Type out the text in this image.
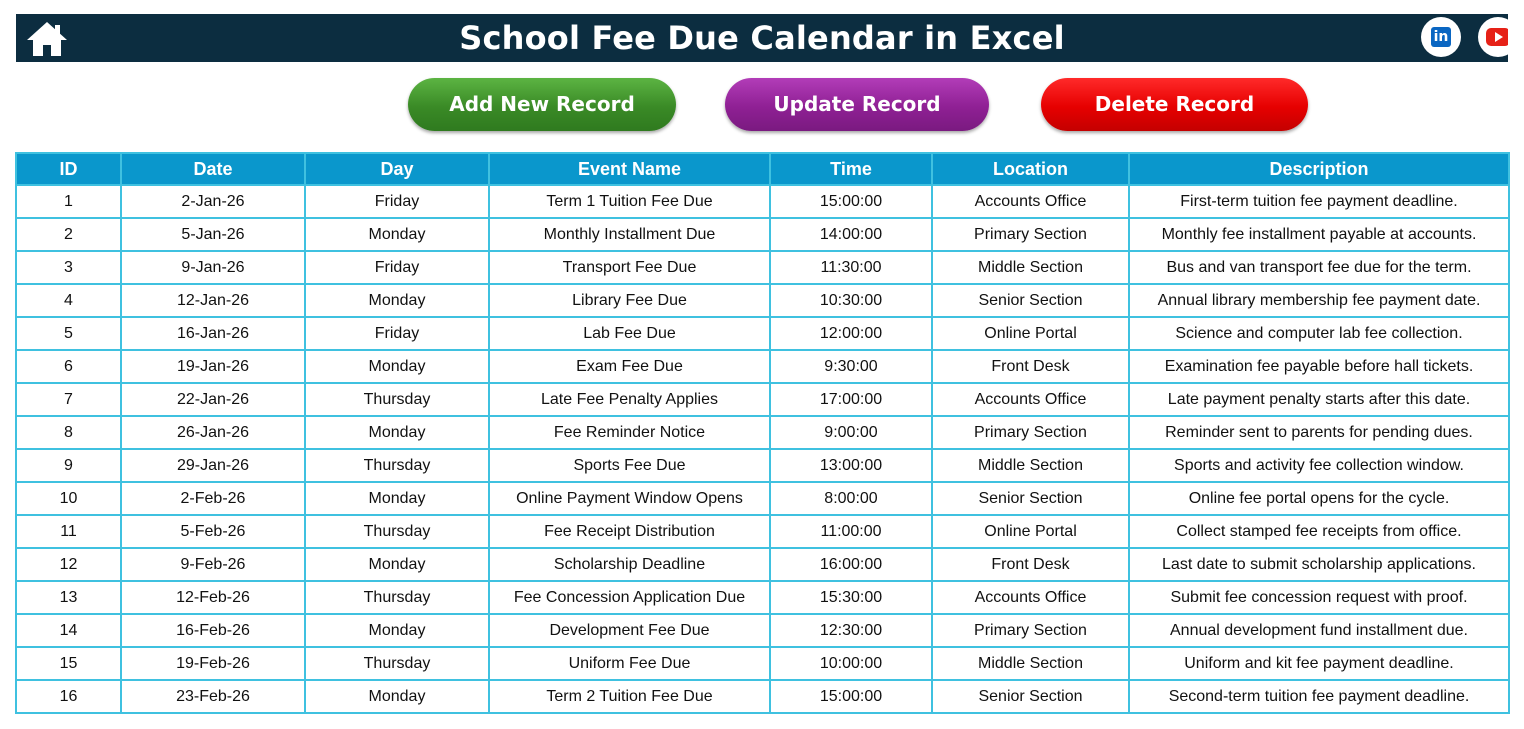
School Fee Due Calendar in Excel	in
Add New Record	Update Record	Delete Record
ID	Date	Day	Event Name	Time	Location	Description
1	2-Jan-26	Friday	Term 1 Tuition Fee Due	15:00:00	Accounts Office	First-term tuition fee payment deadline.
2	5-Jan-26	Monday	Monthly Installment Due	14:00:00	Primary Section	Monthly fee installment payable at accounts.
3	9-Jan-26	Friday	Transport Fee Due	11:30:00	Middle Section	Bus and van transport fee due for the term.
4	12-Jan-26	Monday	Library Fee Due	10:30:00	Senior Section	Annual library membership fee payment date.
5	16-Jan-26	Friday	Lab Fee Due	12:00:00	Online Portal	Science and computer lab fee collection.
6	19-Jan-26	Monday	Exam Fee Due	9:30:00	Front Desk	Examination fee payable before hall tickets.
7	22-Jan-26	Thursday	Late Fee Penalty Applies	17:00:00	Accounts Office	Late payment penalty starts after this date.
8	26-Jan-26	Monday	Fee Reminder Notice	9:00:00	Primary Section	Reminder sent to parents for pending dues.
9	29-Jan-26	Thursday	Sports Fee Due	13:00:00	Middle Section	Sports and activity fee collection window.
10	2-Feb-26	Monday	Online Payment Window Opens	8:00:00	Senior Section	Online fee portal opens for the cycle.
11	5-Feb-26	Thursday	Fee Receipt Distribution	11:00:00	Online Portal	Collect stamped fee receipts from office.
12	9-Feb-26	Monday	Scholarship Deadline	16:00:00	Front Desk	Last date to submit scholarship applications.
13	12-Feb-26	Thursday	Fee Concession Application Due	15:30:00	Accounts Office	Submit fee concession request with proof.
14	16-Feb-26	Monday	Development Fee Due	12:30:00	Primary Section	Annual development fund installment due.
15	19-Feb-26	Thursday	Uniform Fee Due	10:00:00	Middle Section	Uniform and kit fee payment deadline.
16	23-Feb-26	Monday	Term 2 Tuition Fee Due	15:00:00	Senior Section	Second-term tuition fee payment deadline.
